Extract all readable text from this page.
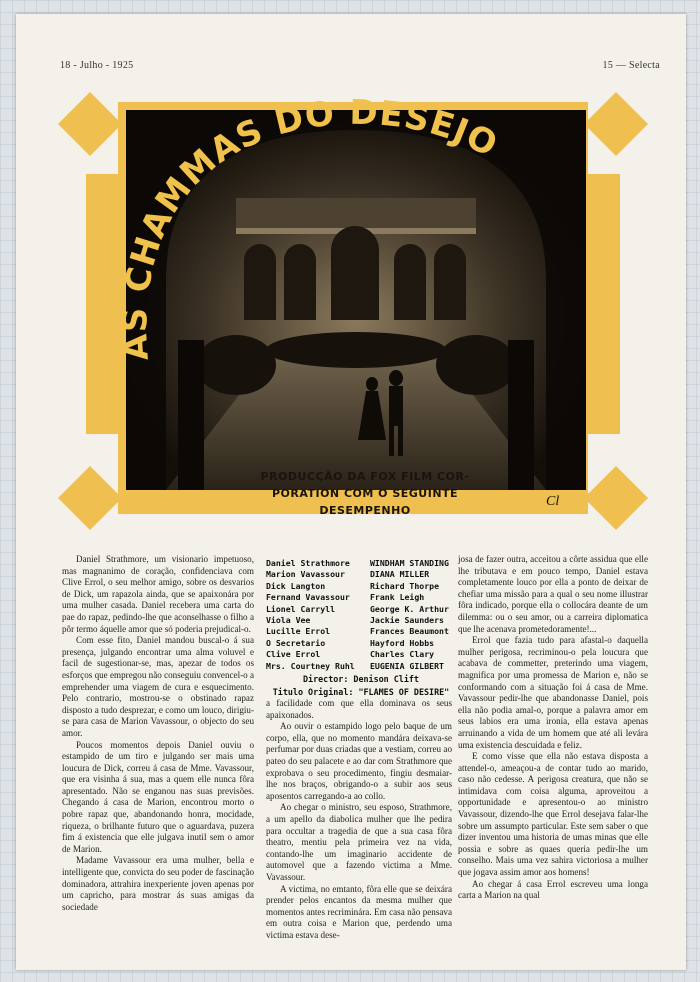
18 - Julho - 1925	15 — Selecta
AS CHAMMAS DO DESEJO
PRODUCÇÃO DA FOX FILM COR-
PORATION COM O SEGUINTE
DESEMPENHO
Cl

Daniel Strathmore, um visionario impetuoso, mas magnanimo de coração, confidenciava com Clive Errol, o seu melhor amigo, sobre os desvarios de Dick, um rapazola ainda, que se apaixonára por uma mulher casada. Daniel recebera uma carta do pae do rapaz, pedindo-lhe que aconselhasse o filho a pôr termo áquelle amor que só poderia prejudical-o.

Com esse fito, Daniel mandou buscal-o á sua presença, julgando encontrar uma alma voluvel e facil de sugestionar-se, mas, apezar de todos os esforços que empregou não conseguiu convencel-o a emprehender uma viagem de cura e esquecimento. Pelo contrario, mostrou-se o obstinado rapaz disposto a tudo desprezar, e como um louco, dirigiu-se para casa de Marion Vavassour, o objecto do seu amor.

Poucos momentos depois Daniel ouviu o estampido de um tiro e julgando ser mais uma loucura de Dick, correu á casa de Mme. Vavassour, que era visinha á sua, mas a quem elle nunca fôra apresentado. Não se enganou nas suas previsões. Chegando á casa de Marion, encontrou morto o pobre rapaz que, abandonando honra, mocidade, riqueza, o brilhante futuro que o aguardava, puzera fim á existencia que elle julgava inutil sem o amor de Marion.

Madame Vavassour era uma mulher, bella e intelligente que, convicta do seu poder de fascinação dominadora, attrahira inexperiente joven apenas por um capricho, para mostrar ás suas amigas da sociedade

Daniel Strathmore	WINDHAM STANDING
Marion Vavassour	DIANA MILLER
Dick Langton	Richard Thorpe
Fernand Vavassour	Frank Leigh
Lionel Carryll	George K. Arthur
Viola Vee	Jackie Saunders
Lucille Errol	Frances Beaumont
O Secretario	Hayford Hobbs
Clive Errol	Charles Clary
Mrs. Courtney Ruhl	EUGENIA GILBERT
Director: Denison Clift
Titulo Original: "FLAMES OF DESIRE"

a facilidade com que ella dominava os seus apaixonados.

Ao ouvir o estampido logo pelo baque de um corpo, ella, que no momento mandára deixava-se perfumar por duas criadas que a vestiam, correu ao pateo do seu palacete e ao dar com Strathmore que exprobava o seu procedimento, fingiu desmaiar-lhe nos braços, obrigando-o a subir aos seus aposentos carregando-a ao collo.

Ao chegar o ministro, seu esposo, Strathmore, a um apello da diabolica mulher que lhe pedira para occultar a tragedia de que a sua casa fôra theatro, mentiu pela primeira vez na vida, contando-lhe um imaginario accidente de automovel que a fazendo victima a Mme. Vavassour.

A victima, no emtanto, fôra elle que se deixára prender pelos encantos da mesma mulher que momentos antes recriminára. Em casa não pensava em outra coisa e Marion que, perdendo uma victima estava dese-

josa de fazer outra, acceitou a côrte assidua que elle lhe tributava e em pouco tempo, Daniel estava completamente louco por ella a ponto de deixar de chefiar uma missão para a qual o seu nome illustrar fôra indicado, porque ella o collocára deante de um dilemma: ou o seu amor, ou a carreira diplomatica que lhe acenava prometedoramente!...

Errol que fazia tudo para afastal-o daquella mulher perigosa, recriminou-o pela loucura que acabava de commetter, preterindo uma viagem, magnifica por uma promessa de Marion e, não se conformando com a situação foi á casa de Mme. Vavassour pedir-lhe que abandonasse Daniel, pois ella não podia amal-o, porque a palavra amor em seus labios era uma ironia, ella estava apenas arruinando a vida de um homem que até ali levára uma existencia descuidada e feliz.

E como visse que ella não estava disposta a attendel-o, ameaçou-a de contar tudo ao marido, caso não cedesse. A perigosa creatura, que não se intimidava com coisa alguma, aproveitou a opportunidade e apresentou-o ao ministro Vavassour, dizendo-lhe que Errol desejava falar-lhe sobre um assumpto particular. Este sem saber o que dizer inventou uma historia de umas minas que elle possia e sobre as quaes queria pedir-lhe um conselho. Mais uma vez sahira victoriosa a mulher que jogava assim amor aos homens!

Ao chegar á casa Errol escreveu uma longa carta a Marion na qual
